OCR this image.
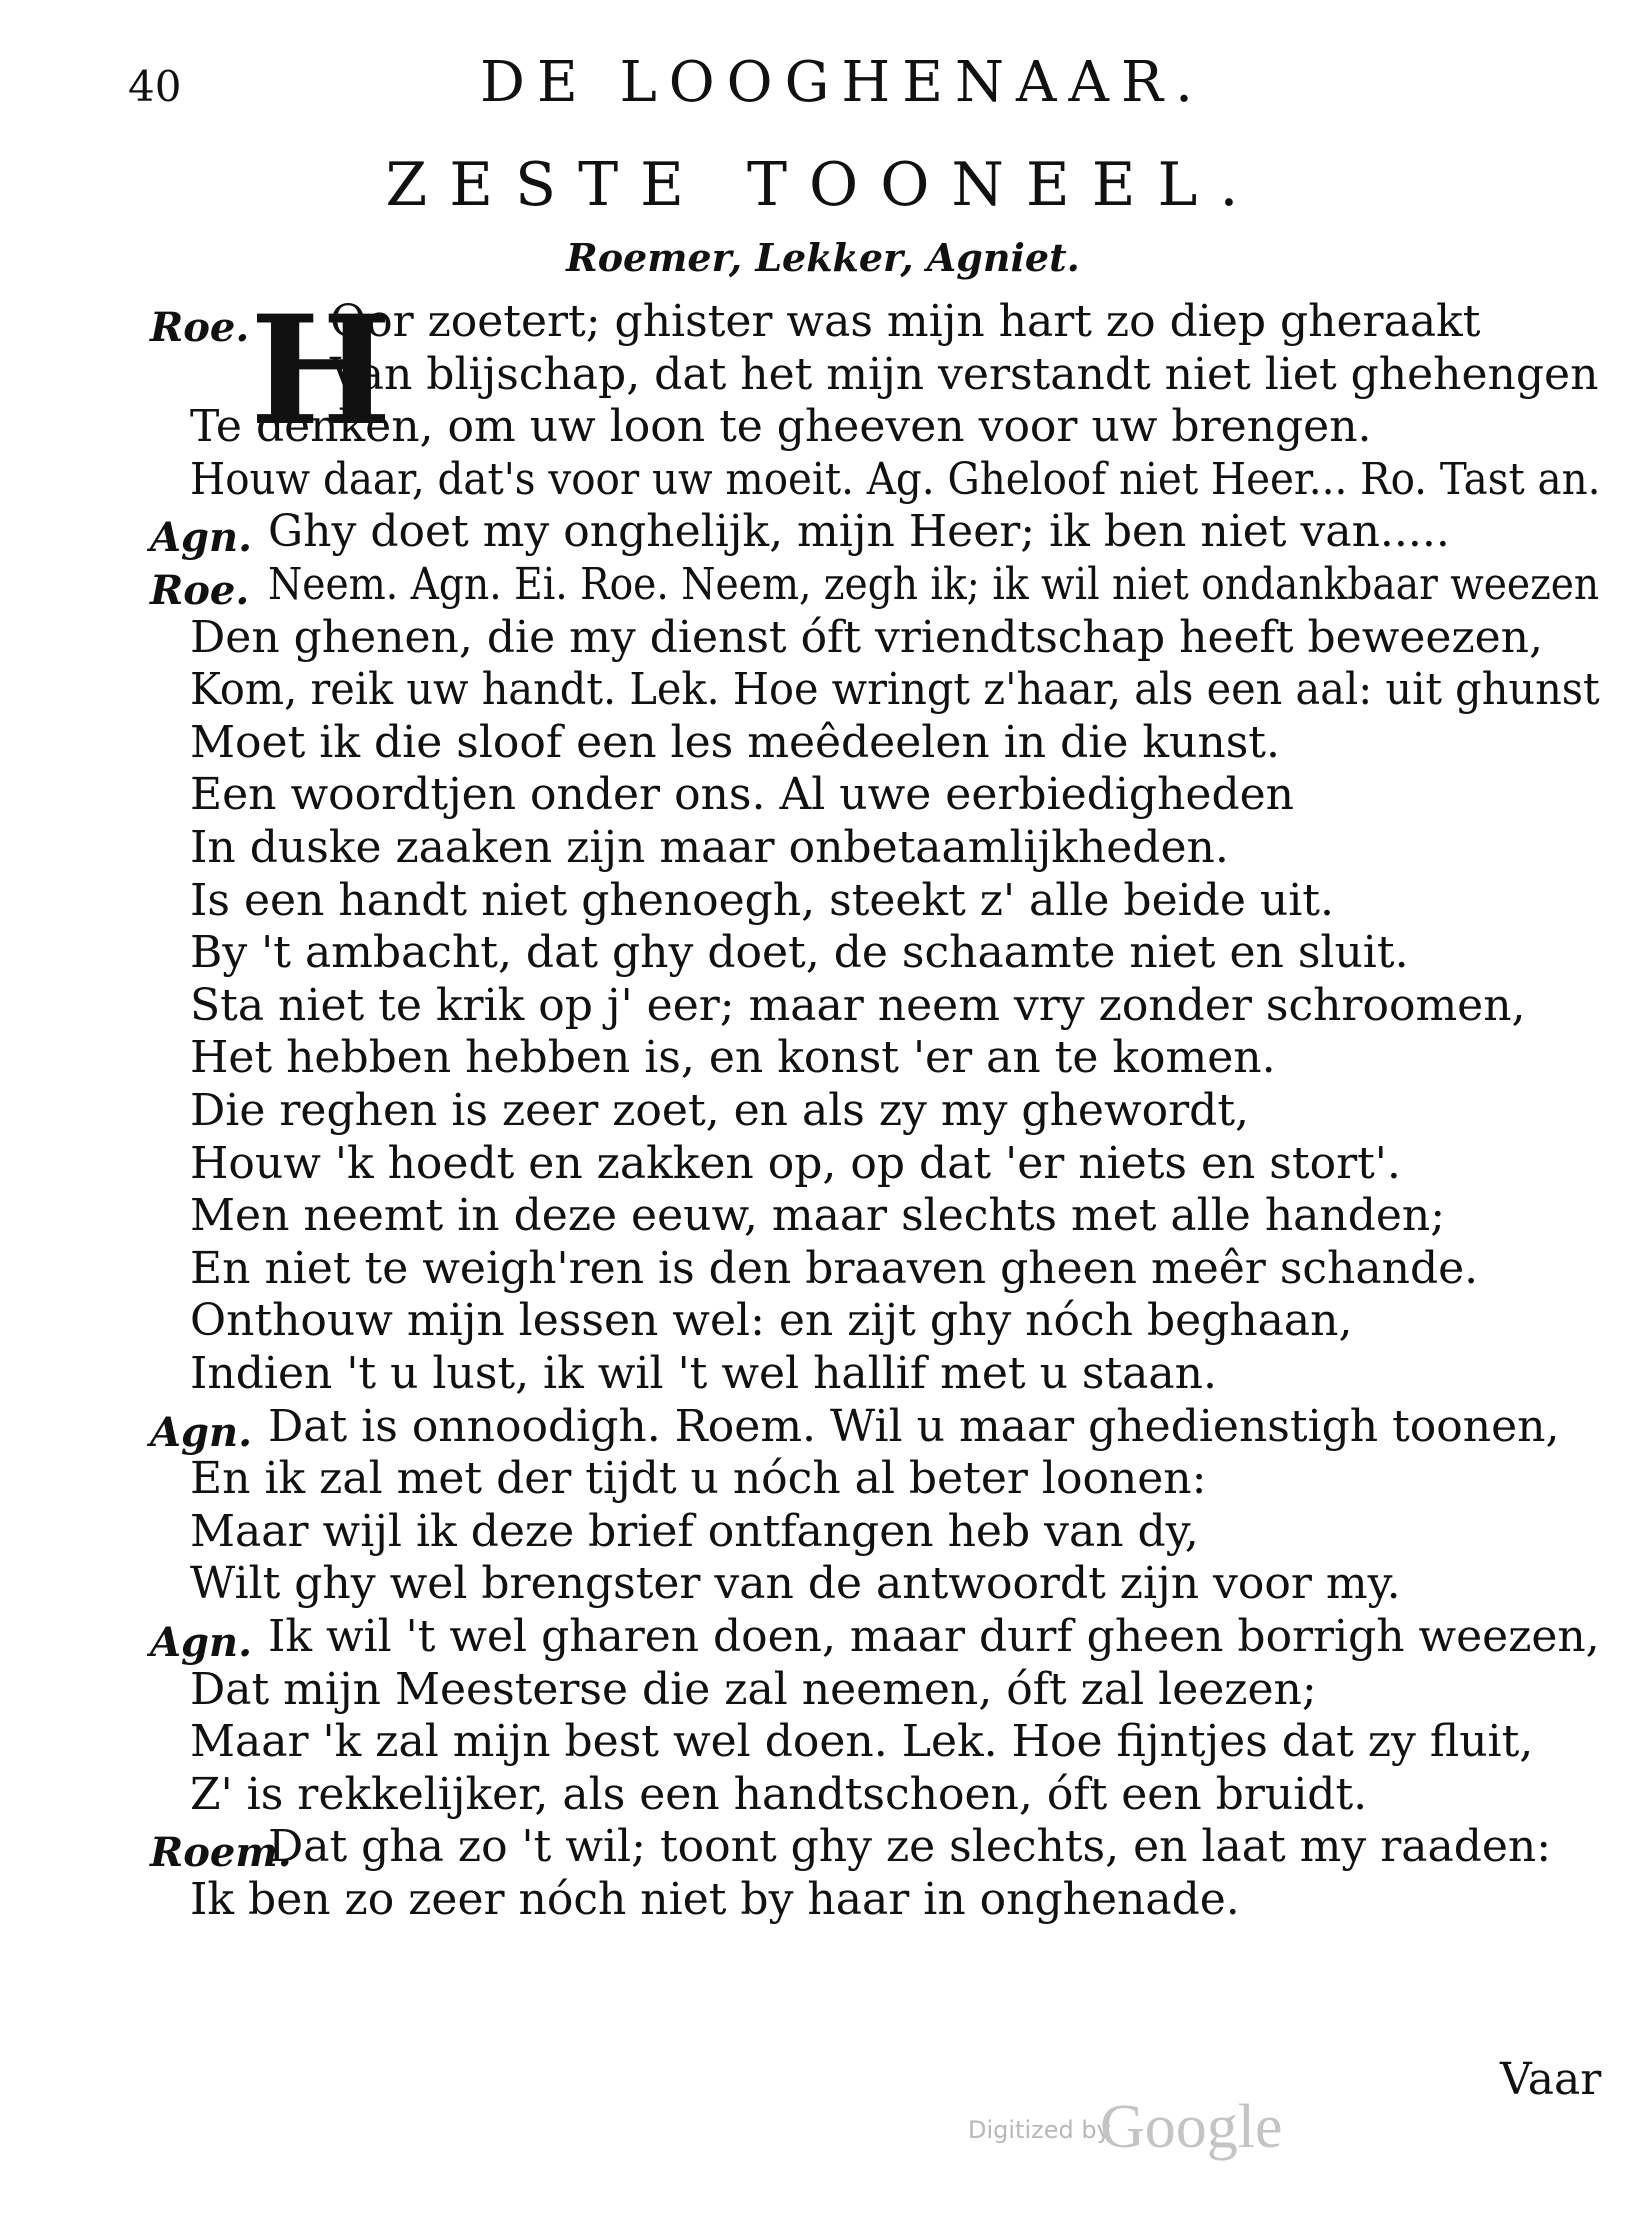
40	DE LOOGHENAAR.
ZESTE TOONEEL.
Roemer, Lekker, Agniet.
H
Roe. Oor zoetert; ghister was mijn hart zo diep gheraakt
Van blijschap, dat het mijn verstandt niet liet ghehengen
Te denken, om uw loon te gheeven voor uw brengen.
Houw daar, dat's voor uw moeit. Ag. Gheloof niet Heer... Ro. Tast an.
Agn. Ghy doet my onghelijk, mijn Heer; ik ben niet van.....
Roe. Neem. Agn. Ei. Roe. Neem, zegh ik; ik wil niet ondankbaar weezen
Den ghenen, die my dienst óft vriendtschap heeft beweezen,
Kom, reik uw handt. Lek. Hoe wringt z'haar, als een aal: uit ghunst
Moet ik die sloof een les meêdeelen in die kunst.
Een woordtjen onder ons. Al uwe eerbiedigheden
In duske zaaken zijn maar onbetaamlijkheden.
Is een handt niet ghenoegh, steekt z' alle beide uit.
By 't ambacht, dat ghy doet, de schaamte niet en sluit.
Sta niet te krik op j' eer; maar neem vry zonder schroomen,
Het hebben hebben is, en konst 'er an te komen.
Die reghen is zeer zoet, en als zy my ghewordt,
Houw 'k hoedt en zakken op, op dat 'er niets en stort'.
Men neemt in deze eeuw, maar slechts met alle handen;
En niet te weigh'ren is den braaven gheen meêr schande.
Onthouw mijn lessen wel: en zijt ghy nóch beghaan,
Indien 't u lust, ik wil 't wel hallif met u staan.
Agn. Dat is onnoodigh. Roem. Wil u maar ghedienstigh toonen,
En ik zal met der tijdt u nóch al beter loonen:
Maar wijl ik deze brief ontfangen heb van dy,
Wilt ghy wel brengster van de antwoordt zijn voor my.
Agn. Ik wil 't wel gharen doen, maar durf gheen borrigh weezen,
Dat mijn Meesterse die zal neemen, óft zal leezen;
Maar 'k zal mijn best wel doen. Lek. Hoe fijntjes dat zy fluit,
Z' is rekkelijker, als een handtschoen, óft een bruidt.
Roem.
Dat gha zo 't wil; toont ghy ze slechts, en laat my raaden:
Ik ben zo zeer nóch niet by haar in onghenade.
Vaar
Digitized by
Google
